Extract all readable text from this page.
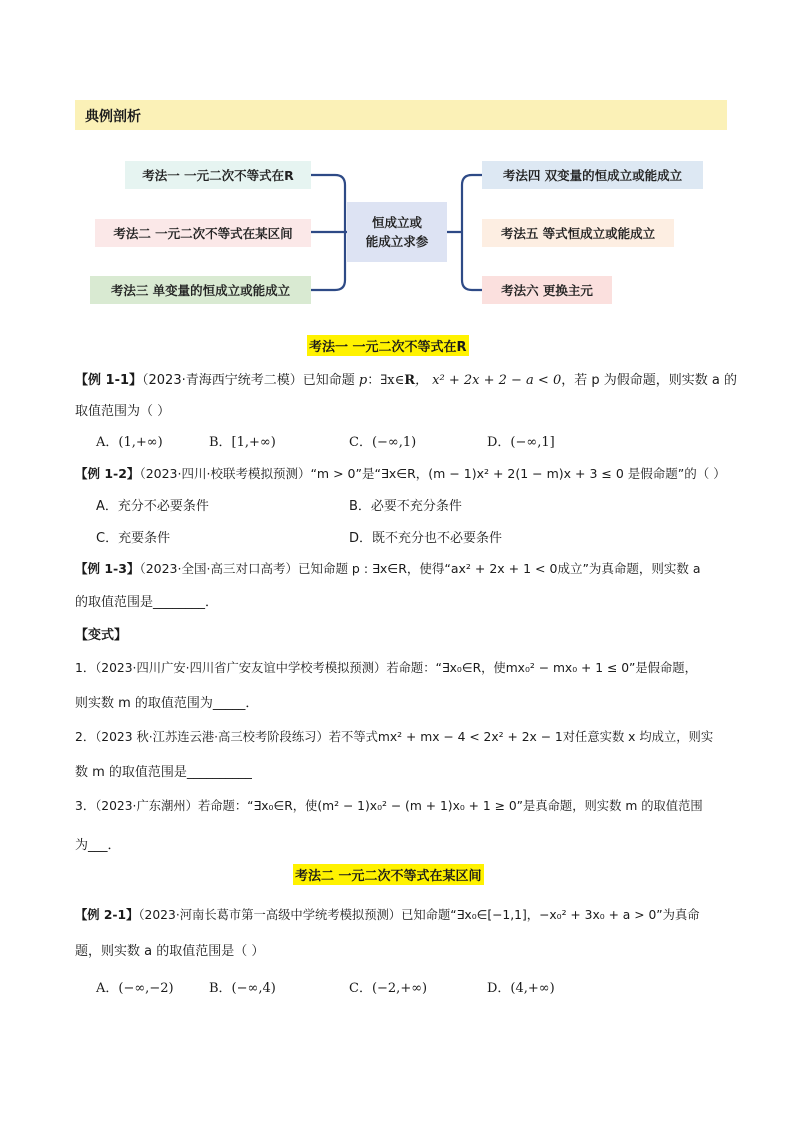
典例剖析
考法一 一元二次不等式在R
考法二 一元二次不等式在某区间
考法三 单变量的恒成立或能成立
恒成立或
能成立求参
考法四 双变量的恒成立或能成立
考法五 等式恒成立或能成立
考法六 更换主元
考法一 一元二次不等式在R
【例 1-1】（2023·青海西宁统考二模）已知命题 p：∃x∈R， x² + 2x + 2 − a < 0，若 p 为假命题，则实数 a 的
取值范围为（ ）
A．(1,+∞)	B．[1,+∞)	C．(−∞,1)	D．(−∞,1]
【例 1-2】（2023·四川·校联考模拟预测）“m > 0”是“∃x∈R，(m − 1)x² + 2(1 − m)x + 3 ≤ 0 是假命题”的（ ）
A．充分不必要条件	B．必要不充分条件
C．充要条件	D．既不充分也不必要条件
【例 1-3】（2023·全国·高三对口高考）已知命题 p : ∃x∈R，使得“ax² + 2x + 1 < 0成立”为真命题，则实数 a
的取值范围是________．
【变式】
1．（2023·四川广安·四川省广安友谊中学校考模拟预测）若命题：“∃x₀∈R，使mx₀² − mx₀ + 1 ≤ 0”是假命题，
则实数 m 的取值范围为_____．
2．（2023 秋·江苏连云港·高三校考阶段练习）若不等式mx² + mx − 4 < 2x² + 2x − 1对任意实数 x 均成立，则实
数 m 的取值范围是__________
3．（2023·广东潮州）若命题：“∃x₀∈R，使(m² − 1)x₀² − (m + 1)x₀ + 1 ≥ 0”是真命题，则实数 m 的取值范围
为___．
考法二 一元二次不等式在某区间
【例 2-1】（2023·河南长葛市第一高级中学统考模拟预测）已知命题“∃x₀∈[−1,1]，−x₀² + 3x₀ + a > 0”为真命
题，则实数 a 的取值范围是（ ）
A．(−∞,−2)	B．(−∞,4)	C．(−2,+∞)	D．(4,+∞)
